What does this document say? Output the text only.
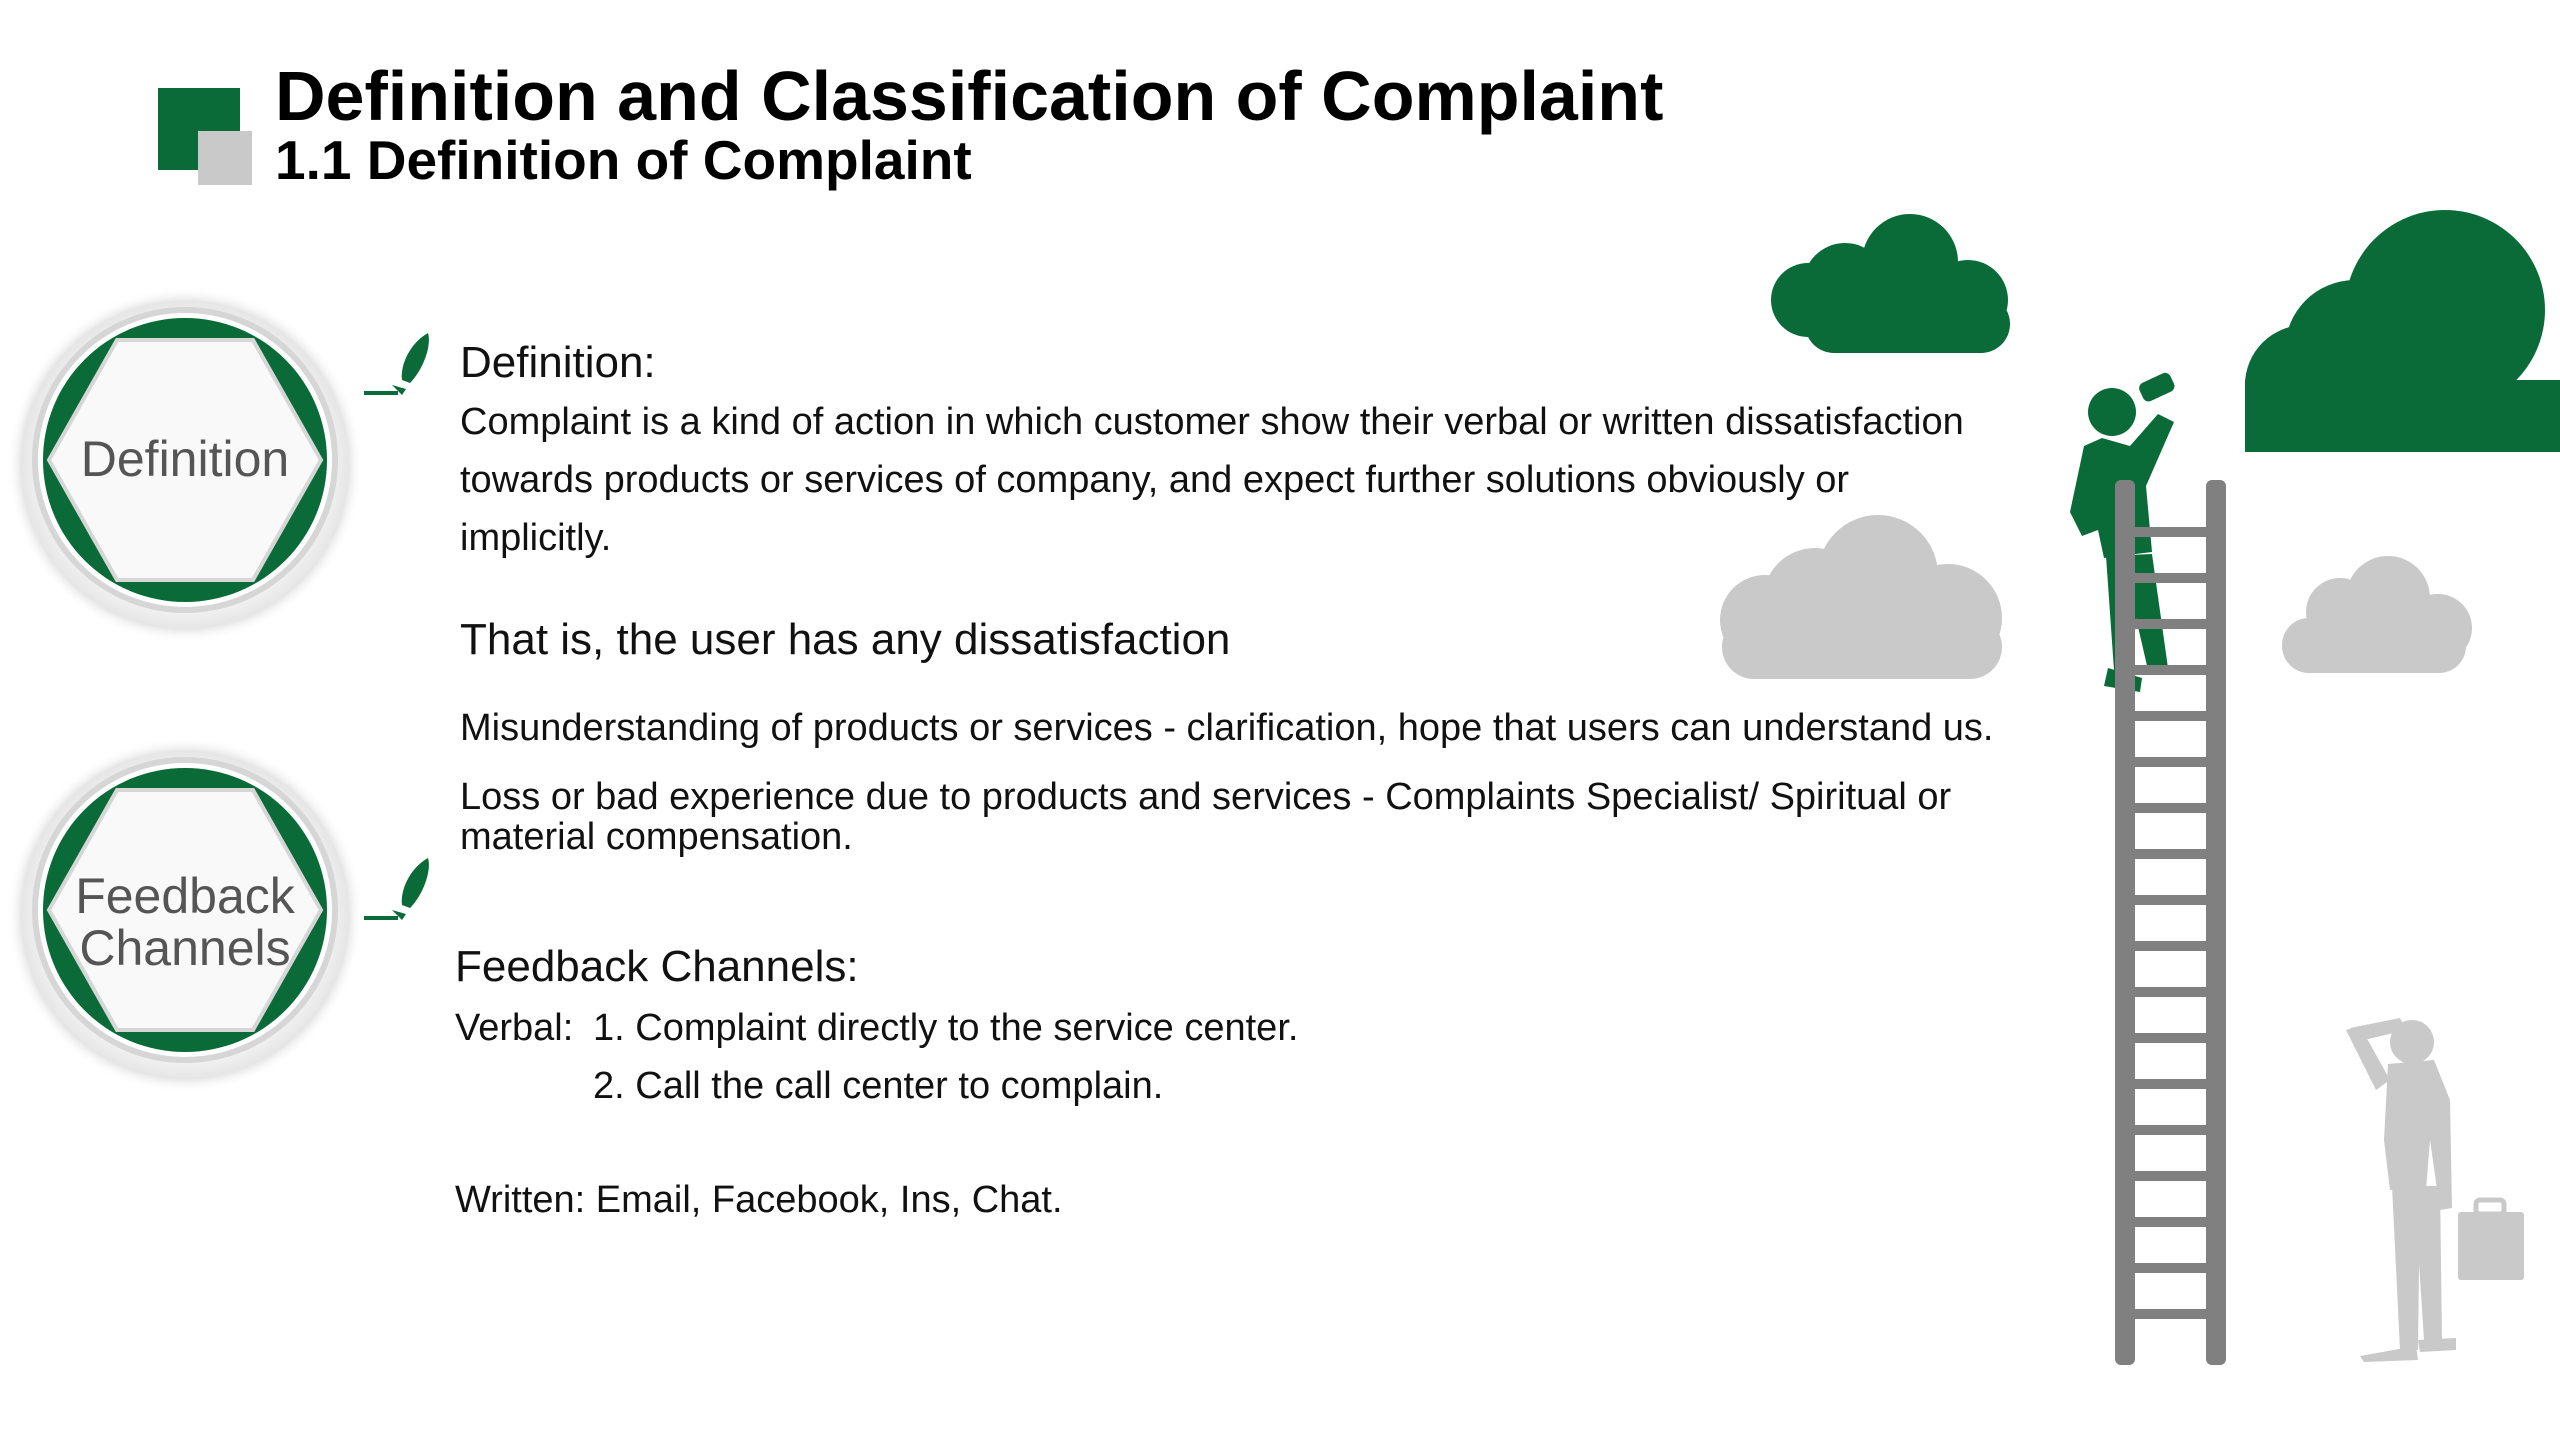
Definition and Classification of Complaint
1.1 Definition of Complaint
Definition
Feedback
Channels
Definition:
Complaint is a kind of action in which customer show their verbal or written dissatisfaction
towards products or services of company, and expect further solutions obviously or
implicitly.
That is, the user has any dissatisfaction
Misunderstanding of products or services - clarification, hope that users can understand us.
Loss or bad experience due to products and services - Complaints Specialist/ Spiritual or
material compensation.
Feedback Channels:
Verbal: 1. Complaint directly to the service center.
2. Call the call center to complain.
Written: Email, Facebook, Ins, Chat.
